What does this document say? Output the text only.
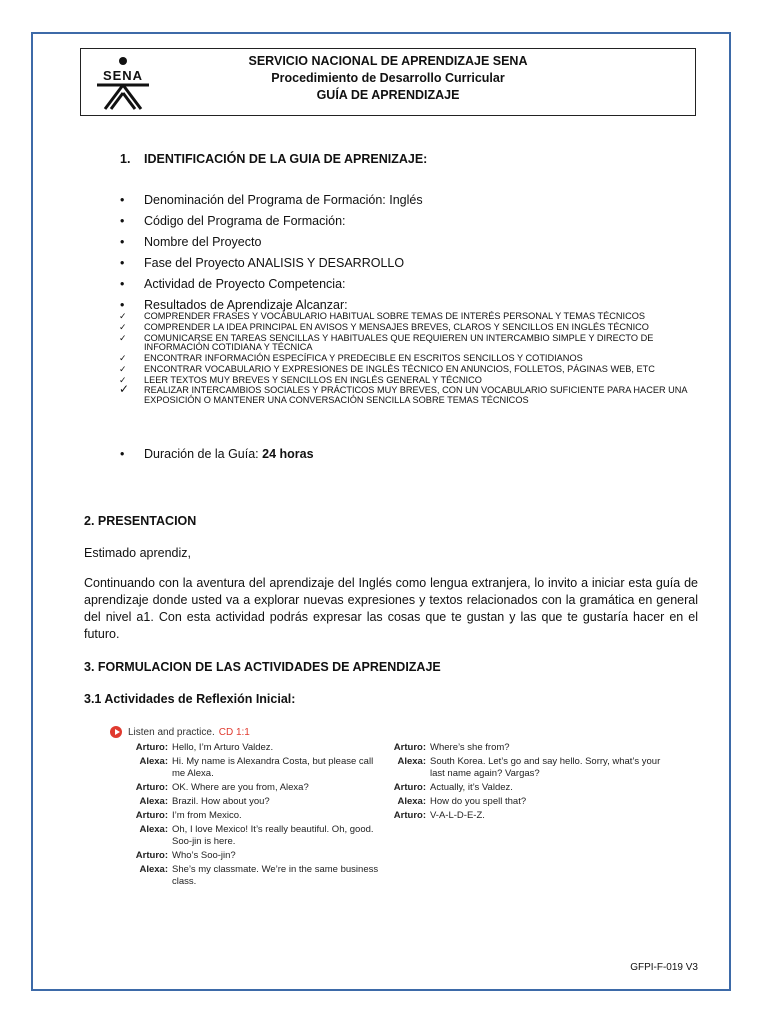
SENA
SERVICIO NACIONAL DE APRENDIZAJE SENA
Procedimiento de Desarrollo Curricular
GUÍA DE APRENDIZAJE
1. IDENTIFICACIÓN DE LA GUIA DE APRENIZAJE:
• Denominación del Programa de Formación: Inglés
• Código del Programa de Formación:
• Nombre del Proyecto
• Fase del Proyecto ANALISIS Y DESARROLLO
• Actividad de Proyecto Competencia:
• Resultados de Aprendizaje Alcanzar:
✓ COMPRENDER FRASES Y VOCABULARIO HABITUAL SOBRE TEMAS DE INTERÉS PERSONAL Y TEMAS TÉCNICOS
✓ COMPRENDER LA IDEA PRINCIPAL EN AVISOS Y MENSAJES BREVES, CLAROS Y SENCILLOS EN INGLÉS TÉCNICO
✓ COMUNICARSE EN TAREAS SENCILLAS Y HABITUALES QUE REQUIEREN UN INTERCAMBIO SIMPLE Y DIRECTO DE INFORMACIÓN COTIDIANA Y TÉCNICA
✓ ENCONTRAR INFORMACIÓN ESPECÍFICA Y PREDECIBLE EN ESCRITOS SENCILLOS Y COTIDIANOS
✓ ENCONTRAR VOCABULARIO Y EXPRESIONES DE INGLÉS TÉCNICO EN ANUNCIOS, FOLLETOS, PÁGINAS WEB, ETC
✓ LEER TEXTOS MUY BREVES Y SENCILLOS EN INGLÉS GENERAL Y TÉCNICO
✓ REALIZAR INTERCAMBIOS SOCIALES Y PRÁCTICOS MUY BREVES, CON UN VOCABULARIO SUFICIENTE PARA HACER UNA EXPOSICIÓN O MANTENER UNA CONVERSACIÓN SENCILLA SOBRE TEMAS TÉCNICOS
• Duración de la Guía: 24 horas
2. PRESENTACION
Estimado aprendiz,
Continuando con la aventura del aprendizaje del Inglés como lengua extranjera, lo invito a iniciar esta guía de aprendizaje donde usted va a explorar nuevas expresiones y textos relacionados con la gramática en general del nivel a1. Con esta actividad podrás expresar las cosas que te gustan y las que te gustaría hacer en el futuro.
3. FORMULACION DE LAS ACTIVIDADES DE APRENDIZAJE
3.1 Actividades de Reflexión Inicial:
Listen and practice. CD 1:1
Arturo: Hello, I’m Arturo Valdez.
Alexa: Hi. My name is Alexandra Costa, but please call me Alexa.
Arturo: OK. Where are you from, Alexa?
Alexa: Brazil. How about you?
Arturo: I’m from Mexico.
Alexa: Oh, I love Mexico! It’s really beautiful. Oh, good. Soo-jin is here.
Arturo: Who’s Soo-jin?
Alexa: She’s my classmate. We’re in the same business class.
Arturo: Where’s she from?
Alexa: South Korea. Let’s go and say hello. Sorry, what’s your last name again? Vargas?
Arturo: Actually, it’s Valdez.
Alexa: How do you spell that?
Arturo: V-A-L-D-E-Z.
GFPI-F-019 V3
